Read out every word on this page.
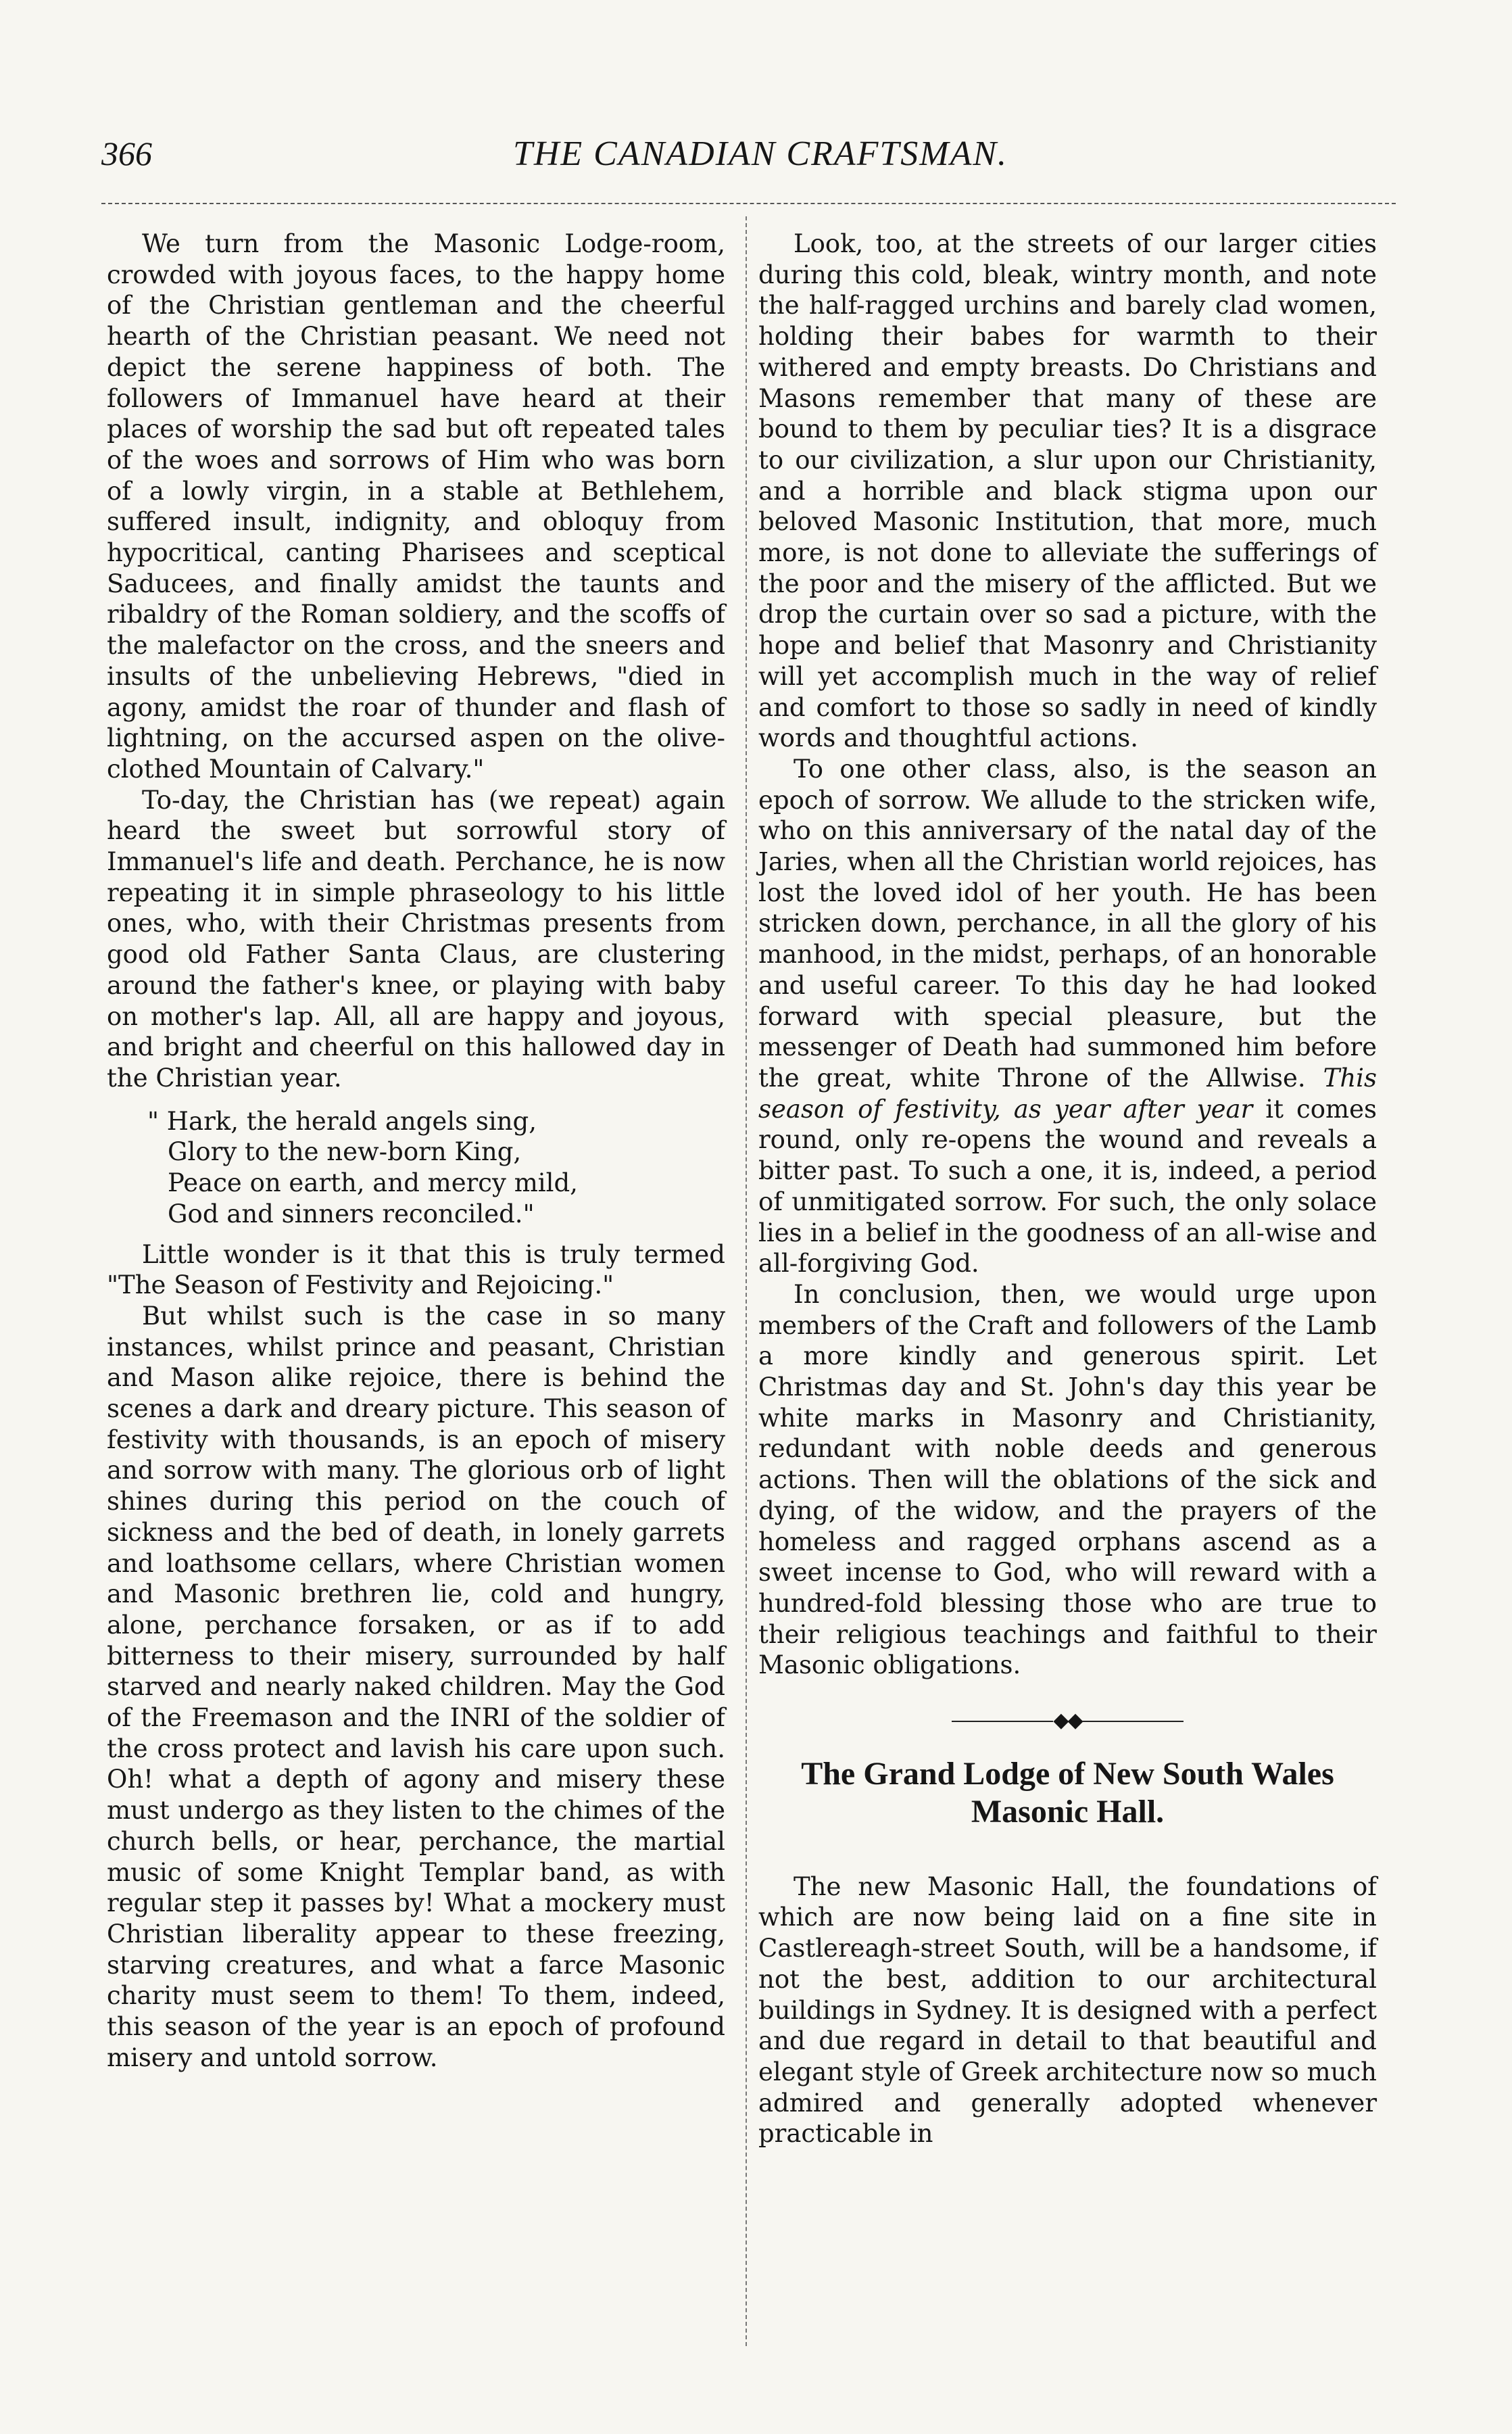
366	THE CANADIAN CRAFTSMAN.

We turn from the Masonic Lodge-room, crowded with joyous faces, to the happy home of the Christian gentleman and the cheerful hearth of the Christian peasant. We need not depict the serene happiness of both. The followers of Immanuel have heard at their places of worship the sad but oft repeated tales of the woes and sorrows of Him who was born of a lowly virgin, in a stable at Bethlehem, suffered insult, indignity, and obloquy from hypocritical, canting Pharisees and sceptical Saducees, and finally amidst the taunts and ribaldry of the Roman soldiery, and the scoffs of the malefactor on the cross, and the sneers and insults of the unbelieving Hebrews, "died in agony, amidst the roar of thunder and flash of lightning, on the accursed aspen on the olive-clothed Mountain of Calvary."

To-day, the Christian has (we repeat) again heard the sweet but sorrowful story of Immanuel's life and death. Perchance, he is now repeating it in simple phraseology to his little ones, who, with their Christmas presents from good old Father Santa Claus, are clustering around the father's knee, or playing with baby on mother's lap. All, all are happy and joyous, and bright and cheerful on this hallowed day in the Christian year.

" Hark, the herald angels sing,
Glory to the new-born King,
Peace on earth, and mercy mild,
God and sinners reconciled."

Little wonder is it that this is truly termed "The Season of Festivity and Rejoicing."

But whilst such is the case in so many instances, whilst prince and peasant, Christian and Mason alike rejoice, there is behind the scenes a dark and dreary picture. This season of festivity with thousands, is an epoch of misery and sorrow with many. The glorious orb of light shines during this period on the couch of sickness and the bed of death, in lonely garrets and loathsome cellars, where Christian women and Masonic brethren lie, cold and hungry, alone, perchance forsaken, or as if to add bitterness to their misery, surrounded by half starved and nearly naked children. May the God of the Freemason and the INRI of the soldier of the cross protect and lavish his care upon such. Oh! what a depth of agony and misery these must undergo as they listen to the chimes of the church bells, or hear, perchance, the martial music of some Knight Templar band, as with regular step it passes by! What a mockery must Christian liberality appear to these freezing, starving creatures, and what a farce Masonic charity must seem to them! To them, indeed, this season of the year is an epoch of profound misery and untold sorrow.

Look, too, at the streets of our larger cities during this cold, bleak, wintry month, and note the half-ragged urchins and barely clad women, holding their babes for warmth to their withered and empty breasts. Do Christians and Masons remember that many of these are bound to them by peculiar ties? It is a disgrace to our civilization, a slur upon our Christianity, and a horrible and black stigma upon our beloved Masonic Institution, that more, much more, is not done to alleviate the sufferings of the poor and the misery of the afflicted. But we drop the curtain over so sad a picture, with the hope and belief that Masonry and Christianity will yet accomplish much in the way of relief and comfort to those so sadly in need of kindly words and thoughtful actions.

To one other class, also, is the season an epoch of sorrow. We allude to the stricken wife, who on this anniversary of the natal day of the Jaries, when all the Christian world rejoices, has lost the loved idol of her youth. He has been stricken down, perchance, in all the glory of his manhood, in the midst, perhaps, of an honorable and useful career. To this day he had looked forward with special pleasure, but the messenger of Death had summoned him before the great, white Throne of the Allwise. This season of festivity, as year after year it comes round, only re-opens the wound and reveals a bitter past. To such a one, it is, indeed, a period of unmitigated sorrow. For such, the only solace lies in a belief in the goodness of an all-wise and all-forgiving God.

In conclusion, then, we would urge upon members of the Craft and followers of the Lamb a more kindly and generous spirit. Let Christmas day and St. John's day this year be white marks in Masonry and Christianity, redundant with noble deeds and generous actions. Then will the oblations of the sick and dying, of the widow, and the prayers of the homeless and ragged orphans ascend as a sweet incense to God, who will reward with a hundred-fold blessing those who are true to their religious teachings and faithful to their Masonic obligations.

◆◆
The Grand Lodge of New South Wales
Masonic Hall.

The new Masonic Hall, the foundations of which are now being laid on a fine site in Castlereagh-street South, will be a handsome, if not the best, addition to our architectural buildings in Sydney. It is designed with a perfect and due regard in detail to that beautiful and elegant style of Greek architecture now so much admired and generally adopted whenever practicable in
